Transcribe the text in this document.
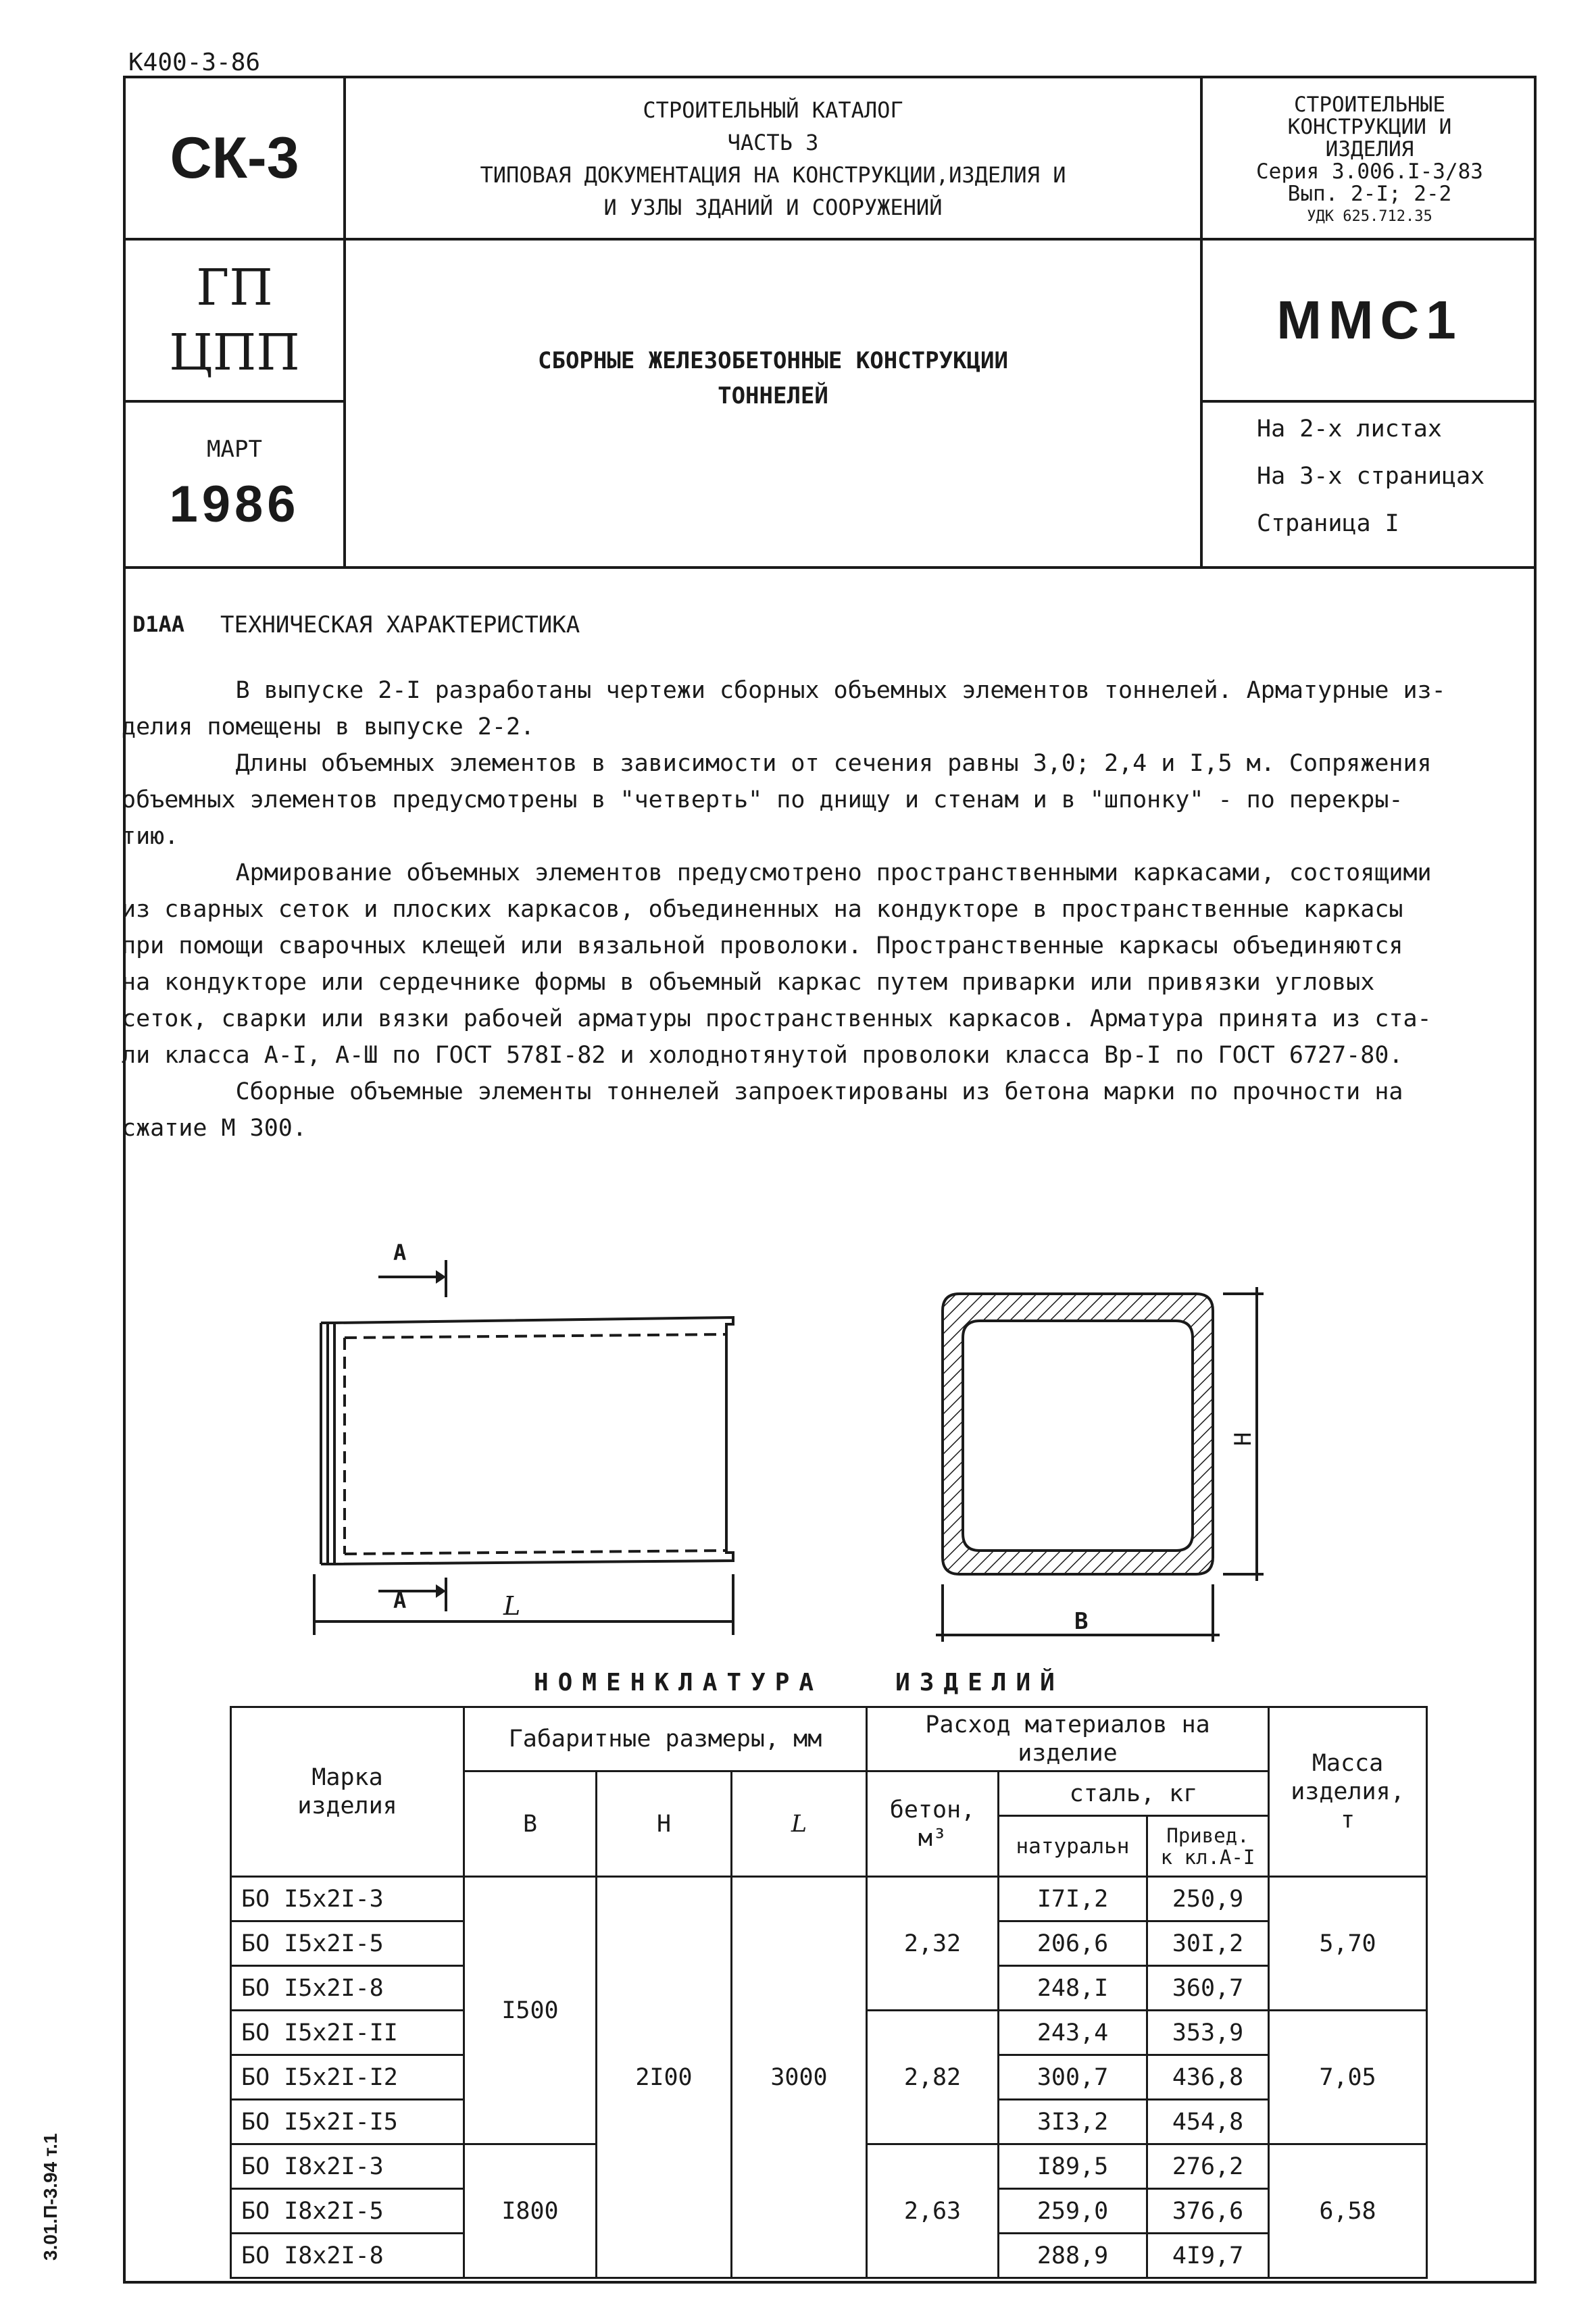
К400-3-86
СК-3
СТРОИТЕЛЬНЫЙ КАТАЛОГ
ЧАСТЬ 3
ТИПОВАЯ ДОКУМЕНТАЦИЯ НА КОНСТРУКЦИИ,ИЗДЕЛИЯ И
И УЗЛЫ ЗДАНИЙ И СООРУЖЕНИЙ
СТРОИТЕЛЬНЫЕ
КОНСТРУКЦИИ И
ИЗДЕЛИЯ
Серия 3.006.I-3/83
Вып. 2-I; 2-2
УДК 625.712.35
ГП
ЦПП
МАРТ
1986
СБОРНЫЕ ЖЕЛЕЗОБЕТОННЫЕ КОНСТРУКЦИИ
ТОННЕЛЕЙ
ММС1
На 2-х листах
На 3-х страницах
Страница I
D1AA ТЕХНИЧЕСКАЯ ХАРАКТЕРИСТИКА
В выпуске 2-I разработаны чертежи сборных объемных элементов тоннелей. Арматурные из-
делия помещены в выпуске 2-2.
Длины объемных элементов в зависимости от сечения равны 3,0; 2,4 и I,5 м. Сопряжения
объемных элементов предусмотрены в "четверть" по днищу и стенам и в "шпонку" - по перекры-
тию.
Армирование объемных элементов предусмотрено пространственными каркасами, состоящими
из сварных сеток и плоских каркасов, объединенных на кондукторе в пространственные каркасы
при помощи сварочных клещей или вязальной проволоки. Пространственные каркасы объединяются
на кондукторе или сердечнике формы в объемный каркас путем приварки или привязки угловых
сеток, сварки или вязки рабочей арматуры пространственных каркасов. Арматура принята из ста-
ли класса А-I, А-Ш по ГОСТ 578I-82 и холоднотянутой проволоки класса Вр-I по ГОСТ 6727-80.
Сборные объемные элементы тоннелей запроектированы из бетона марки по прочности на
сжатие М 300.
А
А	L
Н
В
НОМЕНКЛАТУРА   ИЗДЕЛИЙ
Марка изделия	Габаритные размеры, мм			Расход материалов на изделие			Масса изделия, т
	В	Н	L	бетон, м³	сталь, кг		
					натуральн	Привед. к кл.А-I	
БО I5х2I-3	I500	2I00	3000	2,32	I7I,2	250,9	5,70
БО I5х2I-5					206,6	30I,2	
БО I5х2I-8					248,I	360,7	
БО I5х2I-II				2,82	243,4	353,9	7,05
БО I5х2I-I2					300,7	436,8	
БО I5х2I-I5					3I3,2	454,8	
БО I8х2I-3	I800			2,63	I89,5	276,2	6,58
БО I8х2I-5					259,0	376,6	
БО I8х2I-8					288,9	4I9,7	
3.01.П-3.94 т.1
